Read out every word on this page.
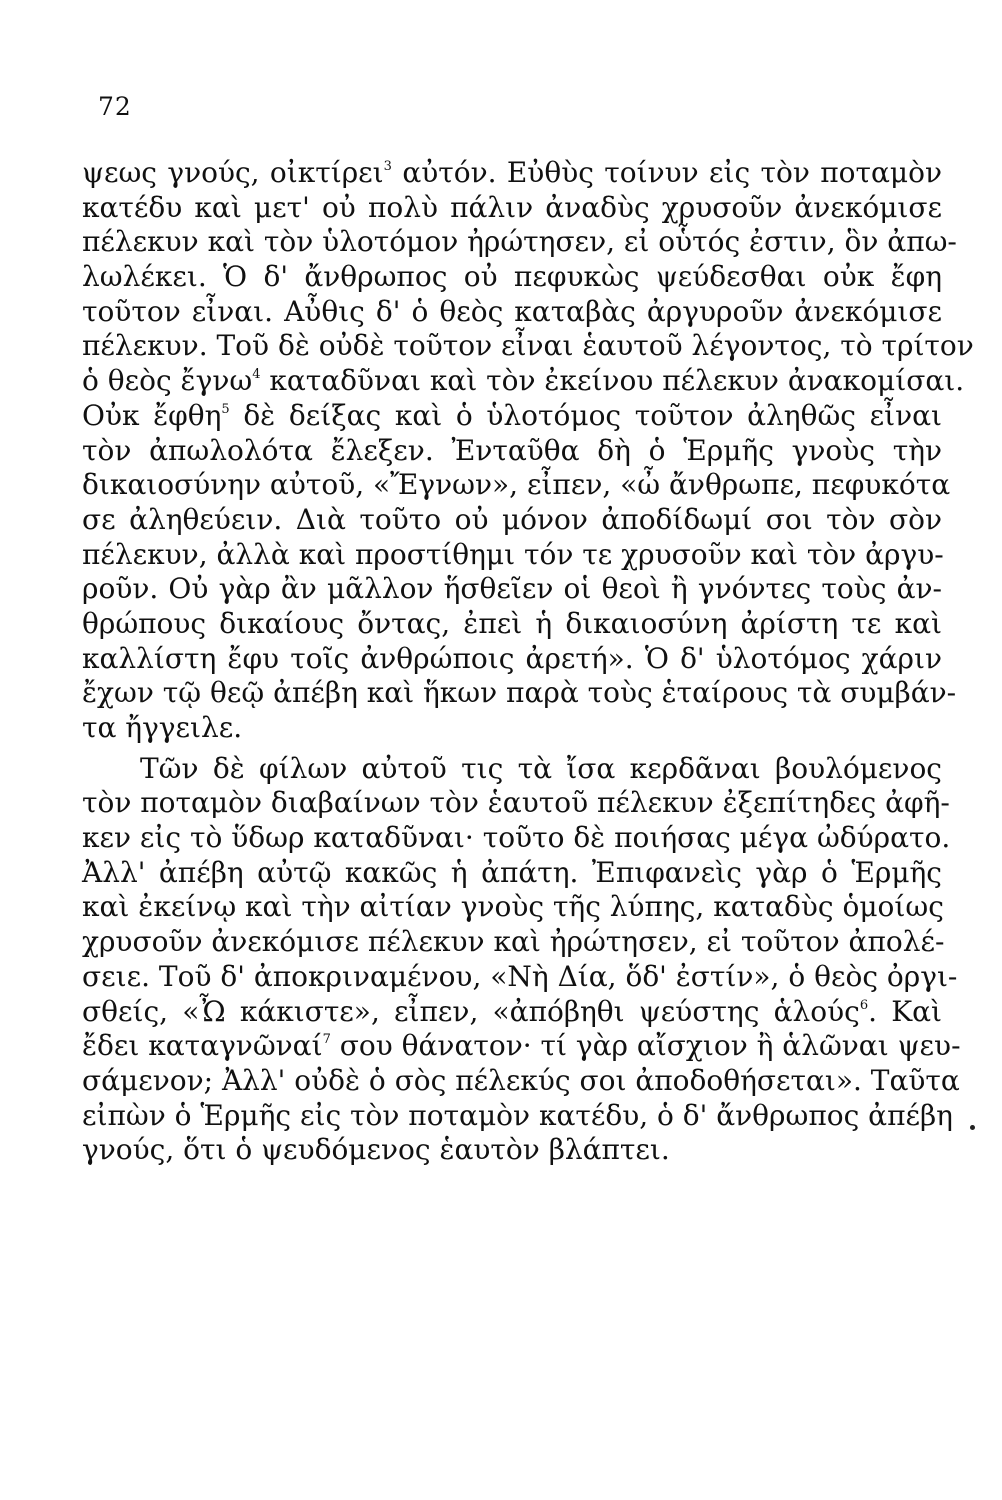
72
ψεως γνούς, οἰκτίρει$^3$ αὐτόν. Εὐθὺς τοίνυν εἰς τὸν ποταμὸν
κατέδυ καὶ μετ' οὐ πολὺ πάλιν ἀναδὺς χρυσοῦν ἀνεκόμισε
πέλεκυν καὶ τὸν ὑλοτόμον ἠρώτησεν, εἰ οὗτός ἐστιν, ὃν ἀπω-
λωλέκει. Ὁ δ' ἄνθρωπος οὐ πεφυκὼς ψεύδεσθαι οὐκ ἔφη
τοῦτον εἶναι. Αὖθις δ' ὁ θεὸς καταβὰς ἀργυροῦν ἀνεκόμισε
πέλεκυν. Τοῦ δὲ οὐδὲ τοῦτον εἶναι ἑαυτοῦ λέγοντος, τὸ τρίτον
ὁ θεὸς ἔγνω$^4$ καταδῦναι καὶ τὸν ἐκείνου πέλεκυν ἀνακομίσαι.
Οὐκ ἔφθη$^5$ δὲ δείξας καὶ ὁ ὑλοτόμος τοῦτον ἀληθῶς εἶναι
τὸν ἀπωλολότα ἔλεξεν. Ἐνταῦθα δὴ ὁ Ἑρμῆς γνοὺς τὴν
δικαιοσύνην αὐτοῦ, «Ἔγνων», εἶπεν, «ὦ ἄνθρωπε, πεφυκότα
σε ἀληθεύειν. Διὰ τοῦτο οὐ μόνον ἀποδίδωμί σοι τὸν σὸν
πέλεκυν, ἀλλὰ καὶ προστίθημι τόν τε χρυσοῦν καὶ τὸν ἀργυ-
ροῦν. Οὐ γὰρ ἂν μᾶλλον ἥσθεῖεν οἱ θεοὶ ἢ γνόντες τοὺς ἀν-
θρώπους δικαίους ὄντας, ἐπεὶ ἡ δικαιοσύνη ἀρίστη τε καὶ
καλλίστη ἔφυ τοῖς ἀνθρώποις ἀρετή». Ὁ δ' ὑλοτόμος χάριν
ἔχων τῷ θεῷ ἀπέβη καὶ ἥκων παρὰ τοὺς ἑταίρους τὰ συμβάν-
τα ἤγγειλε.
Τῶν δὲ φίλων αὐτοῦ τις τὰ ἴσα κερδᾶναι βουλόμενος
τὸν ποταμὸν διαβαίνων τὸν ἑαυτοῦ πέλεκυν ἐξεπίτηδες ἀφῆ-
κεν εἰς τὸ ὕδωρ καταδῦναι· τοῦτο δὲ ποιήσας μέγα ὠδύρατο.
Ἀλλ' ἀπέβη αὐτῷ κακῶς ἡ ἀπάτη. Ἐπιφανεὶς γὰρ ὁ Ἑρμῆς
καὶ ἐκείνῳ καὶ τὴν αἰτίαν γνοὺς τῆς λύπης, καταδὺς ὁμοίως
χρυσοῦν ἀνεκόμισε πέλεκυν καὶ ἠρώτησεν, εἰ τοῦτον ἀπολέ-
σειε. Τοῦ δ' ἀποκριναμένου, «Νὴ Δία, ὅδ' ἐστίν», ὁ θεὸς ὀργι-
σθείς, «Ὦ κάκιστε», εἶπεν, «ἀπόβηθι ψεύστης ἁλούς$^6$. Καὶ
ἔδει καταγνῶναί$^7$ σου θάνατον· τί γὰρ αἴσχιον ἢ ἁλῶναι ψευ-
σάμενον; Ἀλλ' οὐδὲ ὁ σὸς πέλεκύς σοι ἀποδοθήσεται». Ταῦτα
εἰπὼν ὁ Ἑρμῆς εἰς τὸν ποταμὸν κατέδυ, ὁ δ' ἄνθρωπος ἀπέβη
γνούς, ὅτι ὁ ψευδόμενος ἑαυτὸν βλάπτει.
